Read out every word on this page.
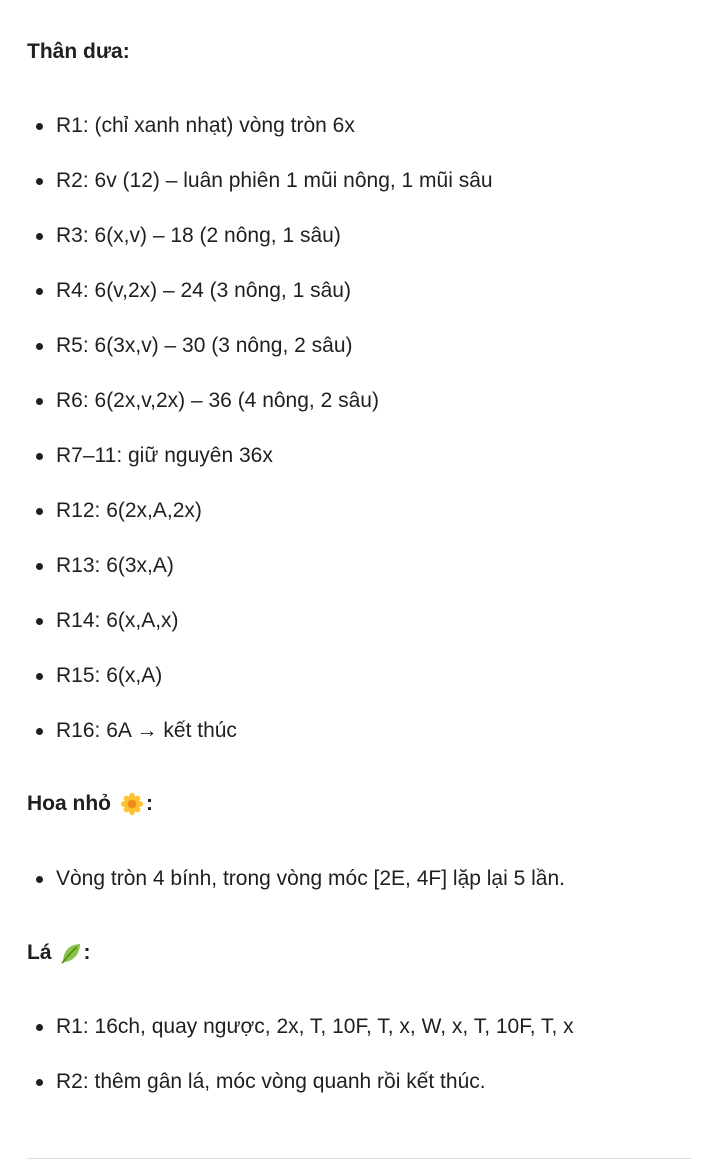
Thân dưa:
R1: (chỉ xanh nhạt) vòng tròn 6x
R2: 6v (12) – luân phiên 1 mũi nông, 1 mũi sâu
R3: 6(x,v) – 18 (2 nông, 1 sâu)
R4: 6(v,2x) – 24 (3 nông, 1 sâu)
R5: 6(3x,v) – 30 (3 nông, 2 sâu)
R6: 6(2x,v,2x) – 36 (4 nông, 2 sâu)
R7–11: giữ nguyên 36x
R12: 6(2x,A,2x)
R13: 6(3x,A)
R14: 6(x,A,x)
R15: 6(x,A)
R16: 6A → kết thúc
Hoa nhỏ :
Vòng tròn 4 bính, trong vòng móc [2E, 4F] lặp lại 5 lần.
Lá :
R1: 16ch, quay ngược, 2x, T, 10F, T, x, W, x, T, 10F, T, x
R2: thêm gân lá, móc vòng quanh rồi kết thúc.
